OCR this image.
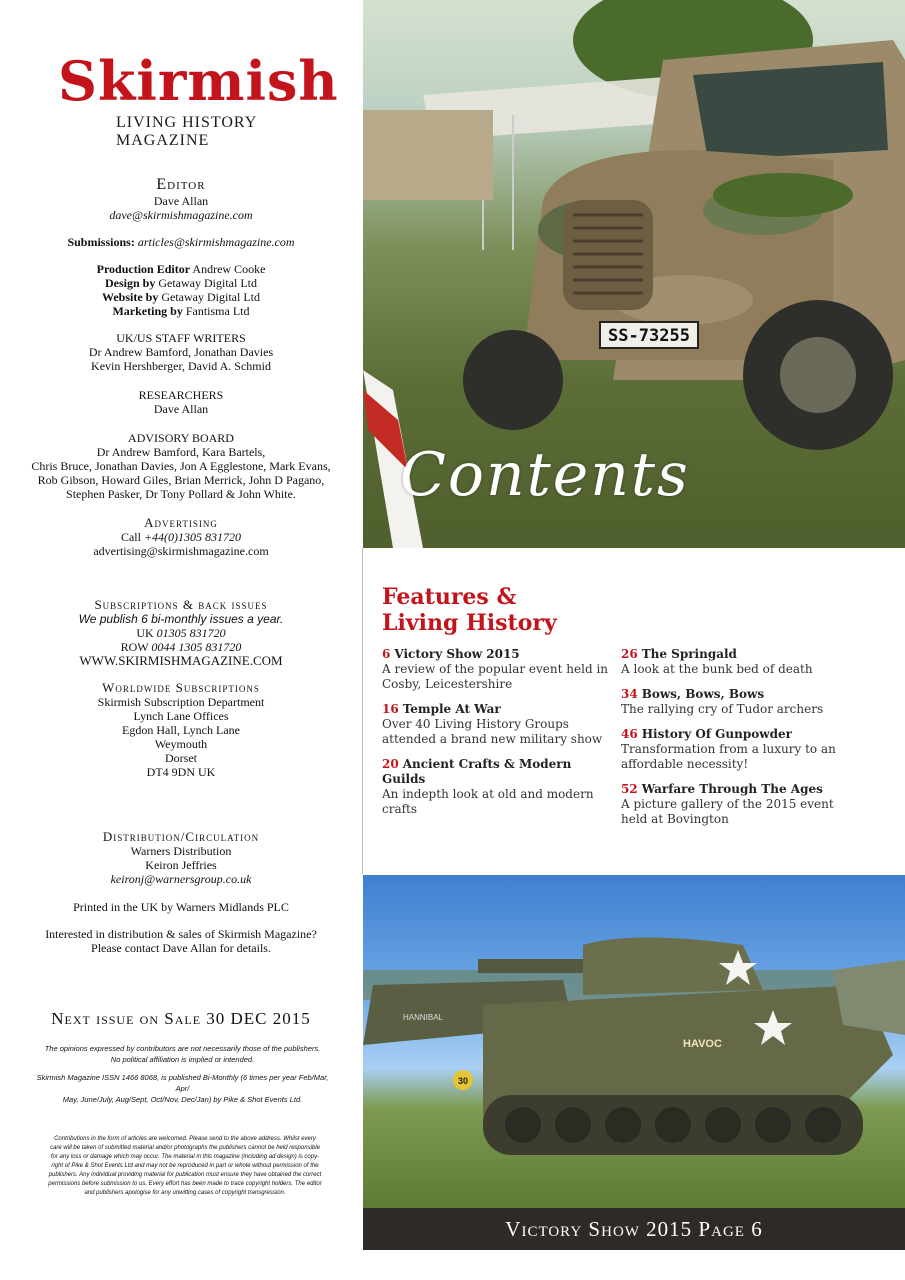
Skirmish
LIVING HISTORY MAGAZINE

Editor

Dave Allan

dave@skirmishmagazine.com

Submissions: articles@skirmishmagazine.com

Production Editor Andrew Cooke

Design by Getaway Digital Ltd

Website by Getaway Digital Ltd

Marketing by Fantisma Ltd

UK/US STAFF WRITERS

Dr Andrew Bamford, Jonathan Davies

Kevin Hershberger, David A. Schmid

RESEARCHERS

Dave Allan

ADVISORY BOARD

Dr Andrew Bamford, Kara Bartels,

Chris Bruce, Jonathan Davies, Jon A Egglestone, Mark Evans,

Rob Gibson, Howard Giles, Brian Merrick, John D Pagano,

Stephen Pasker, Dr Tony Pollard & John White.

Advertising

Call +44(0)1305 831720

advertising@skirmishmagazine.com

Subscriptions & back issues

We publish 6 bi-monthly issues a year.

UK 01305 831720

ROW 0044 1305 831720

WWW.SKIRMISHMAGAZINE.COM

Worldwide Subscriptions

Skirmish Subscription Department

Lynch Lane Offices

Egdon Hall, Lynch Lane

Weymouth

Dorset

DT4 9DN UK

Distribution/Circulation

Warners Distribution

Keiron Jeffries

keironj@warnersgroup.co.uk

Printed in the UK by Warners Midlands PLC

Interested in distribution & sales of Skirmish Magazine?

Please contact Dave Allan for details.

Next issue on Sale 30 DEC 2015

The opinions expressed by contributors are not necessarily those of the publishers.

No political affiliation is implied or intended.

Skirmish Magazine ISSN 1466 8068, is published Bi-Monthly (6 times per year Feb/Mar, Apr/

May, June/July, Aug/Sept, Oct/Nov, Dec/Jan) by Pike & Shot Events Ltd.

Contributions in the form of articles are welcomed. Please send to the above address. Whilst every

care will be taken of submitted material and/or photographs the publishers cannot be held responsible

for any loss or damage which may occur. The material in this magazine (including ad design) is copy-

right of Pike & Shot Events Ltd and may not be reproduced in part or whole without permission of the

publishers. Any individual providing material for publication must ensure they have obtained the correct

permissions before submission to us. Every effort has been made to trace copyright holders. The editor

and publishers apologise for any unwitting cases of copyright transgression.

SS-73255
Contents
Features &
Living History
6 Victory Show 2015
A review of the popular event held in Cosby, Leicestershire
16 Temple At War
Over 40 Living History Groups attended a brand new military show
20 Ancient Crafts & Modern Guilds
An indepth look at old and modern crafts
26 The Springald
A look at the bunk bed of death
34 Bows, Bows, Bows
The rallying cry of Tudor archers
46 History Of Gunpowder
Transformation from a luxury to an affordable necessity!
52 Warfare Through The Ages
A picture gallery of the 2015 event held at Bovington
HANNIBAL
HAVOC
30
Victory Show 2015 Page 6
